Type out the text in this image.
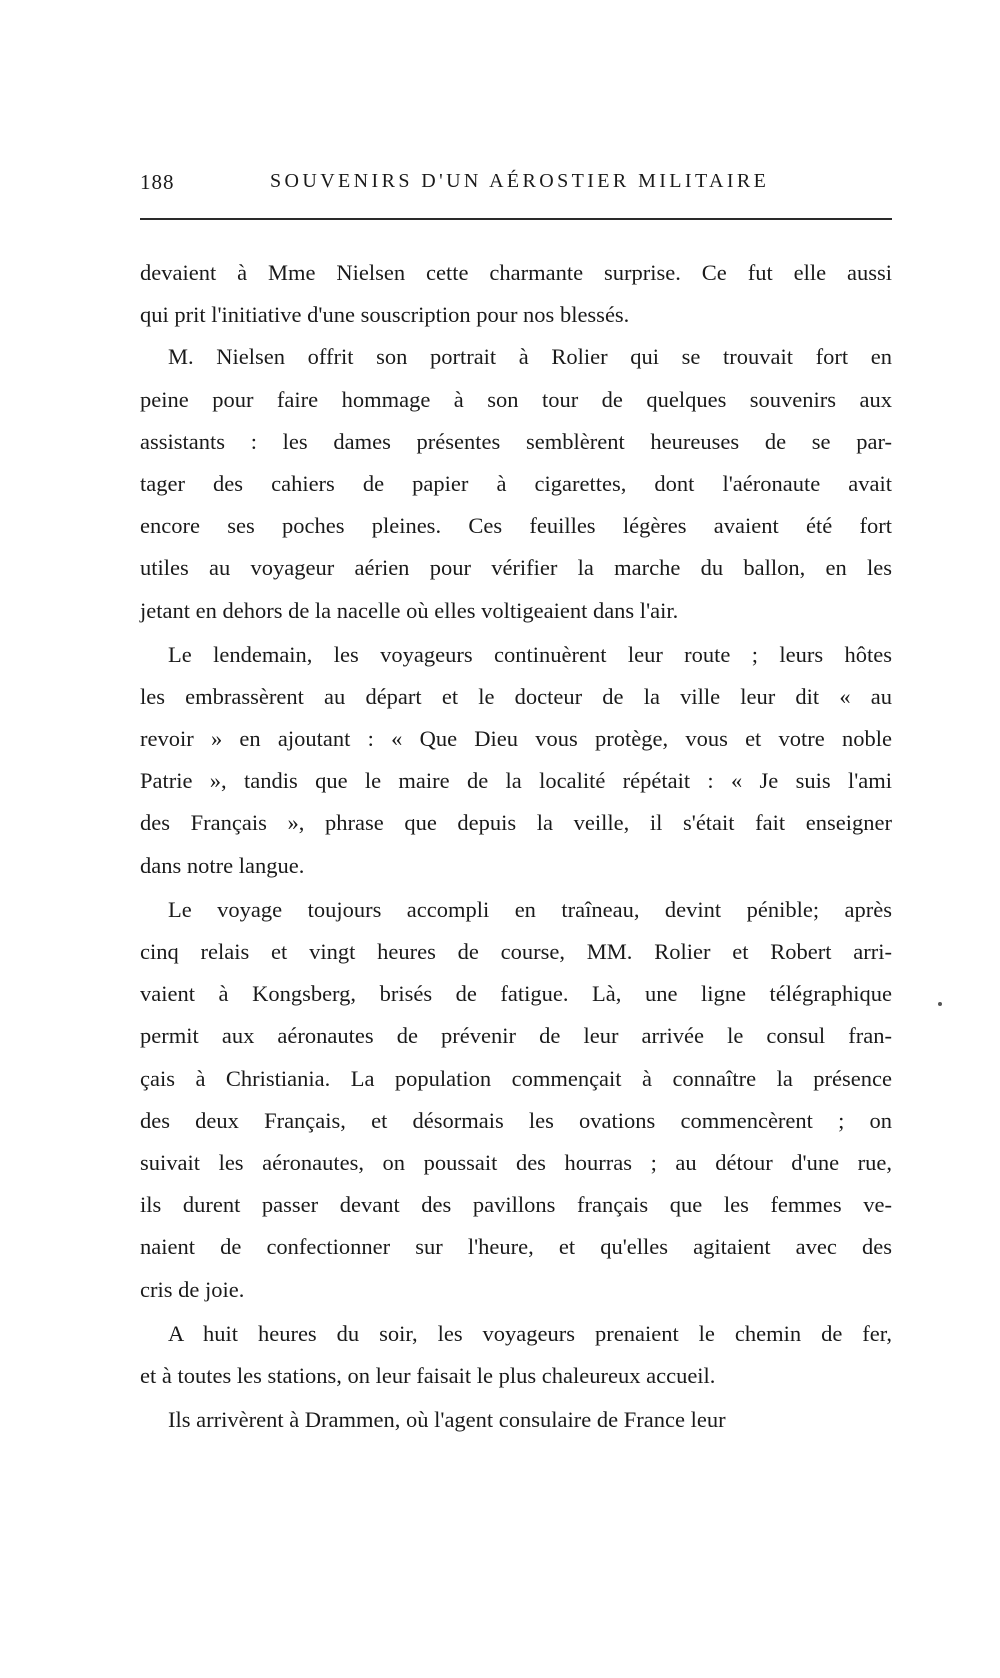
188	SOUVENIRS D'UN AÉROSTIER MILITAIRE
devaient à Mme Nielsen cette charmante surprise. Ce fut elle aussi
qui prit l'initiative d'une souscription pour nos blessés.
M. Nielsen offrit son portrait à Rolier qui se trouvait fort en
peine pour faire hommage à son tour de quelques souvenirs aux
assistants : les dames présentes semblèrent heureuses de se par-
tager des cahiers de papier à cigarettes, dont l'aéronaute avait
encore ses poches pleines. Ces feuilles légères avaient été fort
utiles au voyageur aérien pour vérifier la marche du ballon, en les
jetant en dehors de la nacelle où elles voltigeaient dans l'air.
Le lendemain, les voyageurs continuèrent leur route ; leurs hôtes
les embrassèrent au départ et le docteur de la ville leur dit « au
revoir » en ajoutant : « Que Dieu vous protège, vous et votre noble
Patrie », tandis que le maire de la localité répétait : « Je suis l'ami
des Français », phrase que depuis la veille, il s'était fait enseigner
dans notre langue.
Le voyage toujours accompli en traîneau, devint pénible; après
cinq relais et vingt heures de course, MM. Rolier et Robert arri-
vaient à Kongsberg, brisés de fatigue. Là, une ligne télégraphique
permit aux aéronautes de prévenir de leur arrivée le consul fran-
çais à Christiania. La population commençait à connaître la présence
des deux Français, et désormais les ovations commencèrent ; on
suivait les aéronautes, on poussait des hourras ; au détour d'une rue,
ils durent passer devant des pavillons français que les femmes ve-
naient de confectionner sur l'heure, et qu'elles agitaient avec des
cris de joie.
A huit heures du soir, les voyageurs prenaient le chemin de fer,
et à toutes les stations, on leur faisait le plus chaleureux accueil.
Ils arrivèrent à Drammen, où l'agent consulaire de France leur
